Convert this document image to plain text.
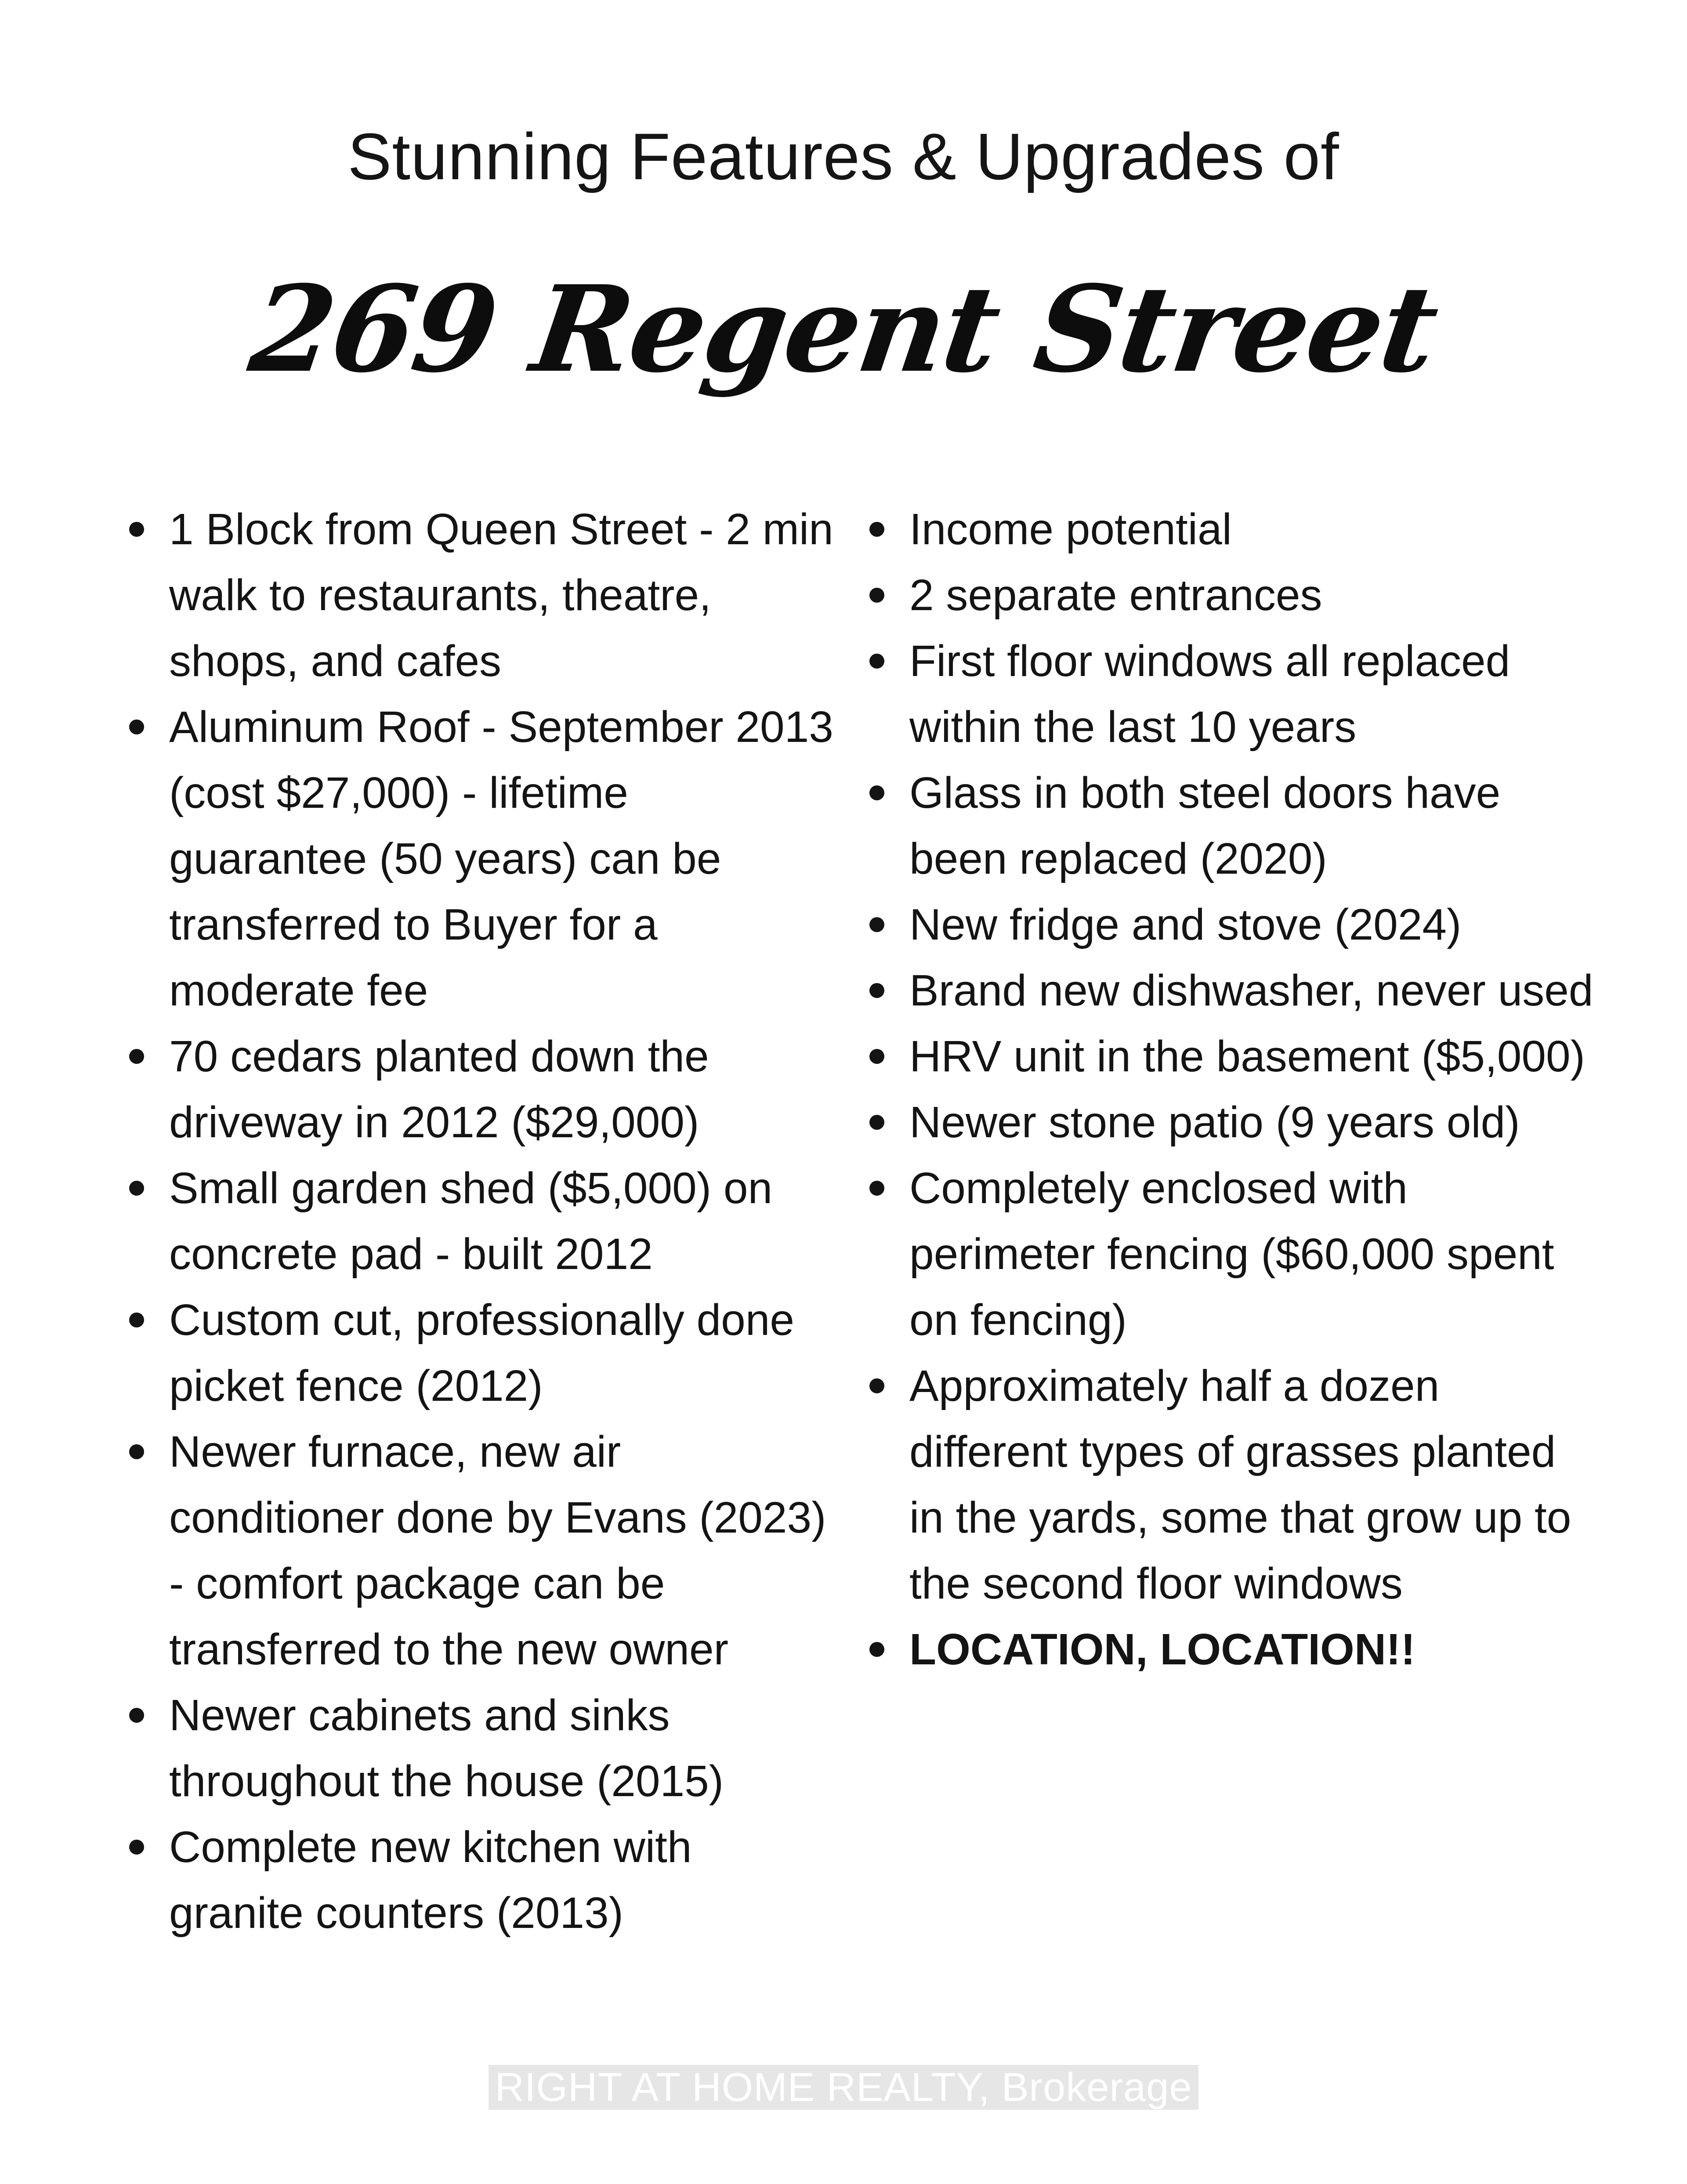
Stunning Features & Upgrades of
269 Regent Street
1 Block from Queen Street - 2 min walk to restaurants, theatre, shops, and cafes
Aluminum Roof - September 2013 (cost $27,000) - lifetime guarantee (50 years) can be transferred to Buyer for a moderate fee
70 cedars planted down the driveway in 2012 ($29,000)
Small garden shed ($5,000) on concrete pad - built 2012
Custom cut, professionally done picket fence (2012)
Newer furnace, new air conditioner done by Evans (2023) - comfort package can be transferred to the new owner
Newer cabinets and sinks throughout the house (2015)
Complete new kitchen with granite counters (2013)
Income potential
2 separate entrances
First floor windows all replaced within the last 10 years
Glass in both steel doors have been replaced (2020)
New fridge and stove (2024)
Brand new dishwasher, never used
HRV unit in the basement ($5,000)
Newer stone patio (9 years old)
Completely enclosed with perimeter fencing ($60,000 spent on fencing)
Approximately half a dozen different types of grasses planted in the yards, some that grow up to the second floor windows
LOCATION, LOCATION!!
RIGHT AT HOME REALTY, Brokerage
